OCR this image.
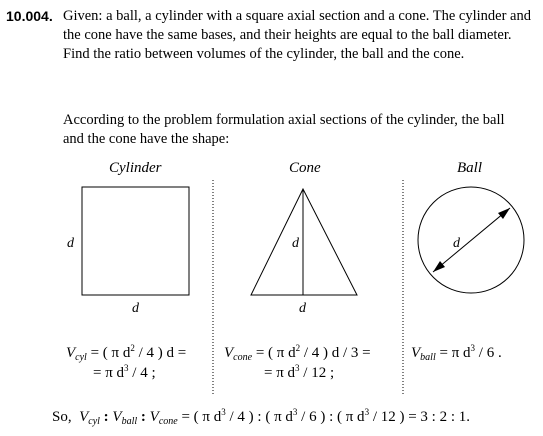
10.004. Given: a ball, a cylinder with a square axial section and a cone. The cylinder and the cone have the same bases, and their heights are equal to the ball diameter. Find the ratio between volumes of the cylinder, the ball and the cone.
According to the problem formulation axial sections of the cylinder, the ball and the cone have the shape:
Cylinder	Cone	Ball
d
d
d
d
d
$V_{cyl}$ = ( π $d^2 / 4$ ) d =
= π $d^3 / 4$ ;
$V_{cone}$ = ( π $d^2 / 4$ ) d / 3 =
= π $d^3 / 12$ ;
$V_{ball} = \pi$ $d^3 / 6$ .
So, $V_{cyl}$ : $V_{ball}$ : $V_{cone}$ = ( π $d^3 / 4$ ) : ( π $d^3 / 6$ ) : ( π $d^3 / 12$ ) = 3 : 2 : 1.
